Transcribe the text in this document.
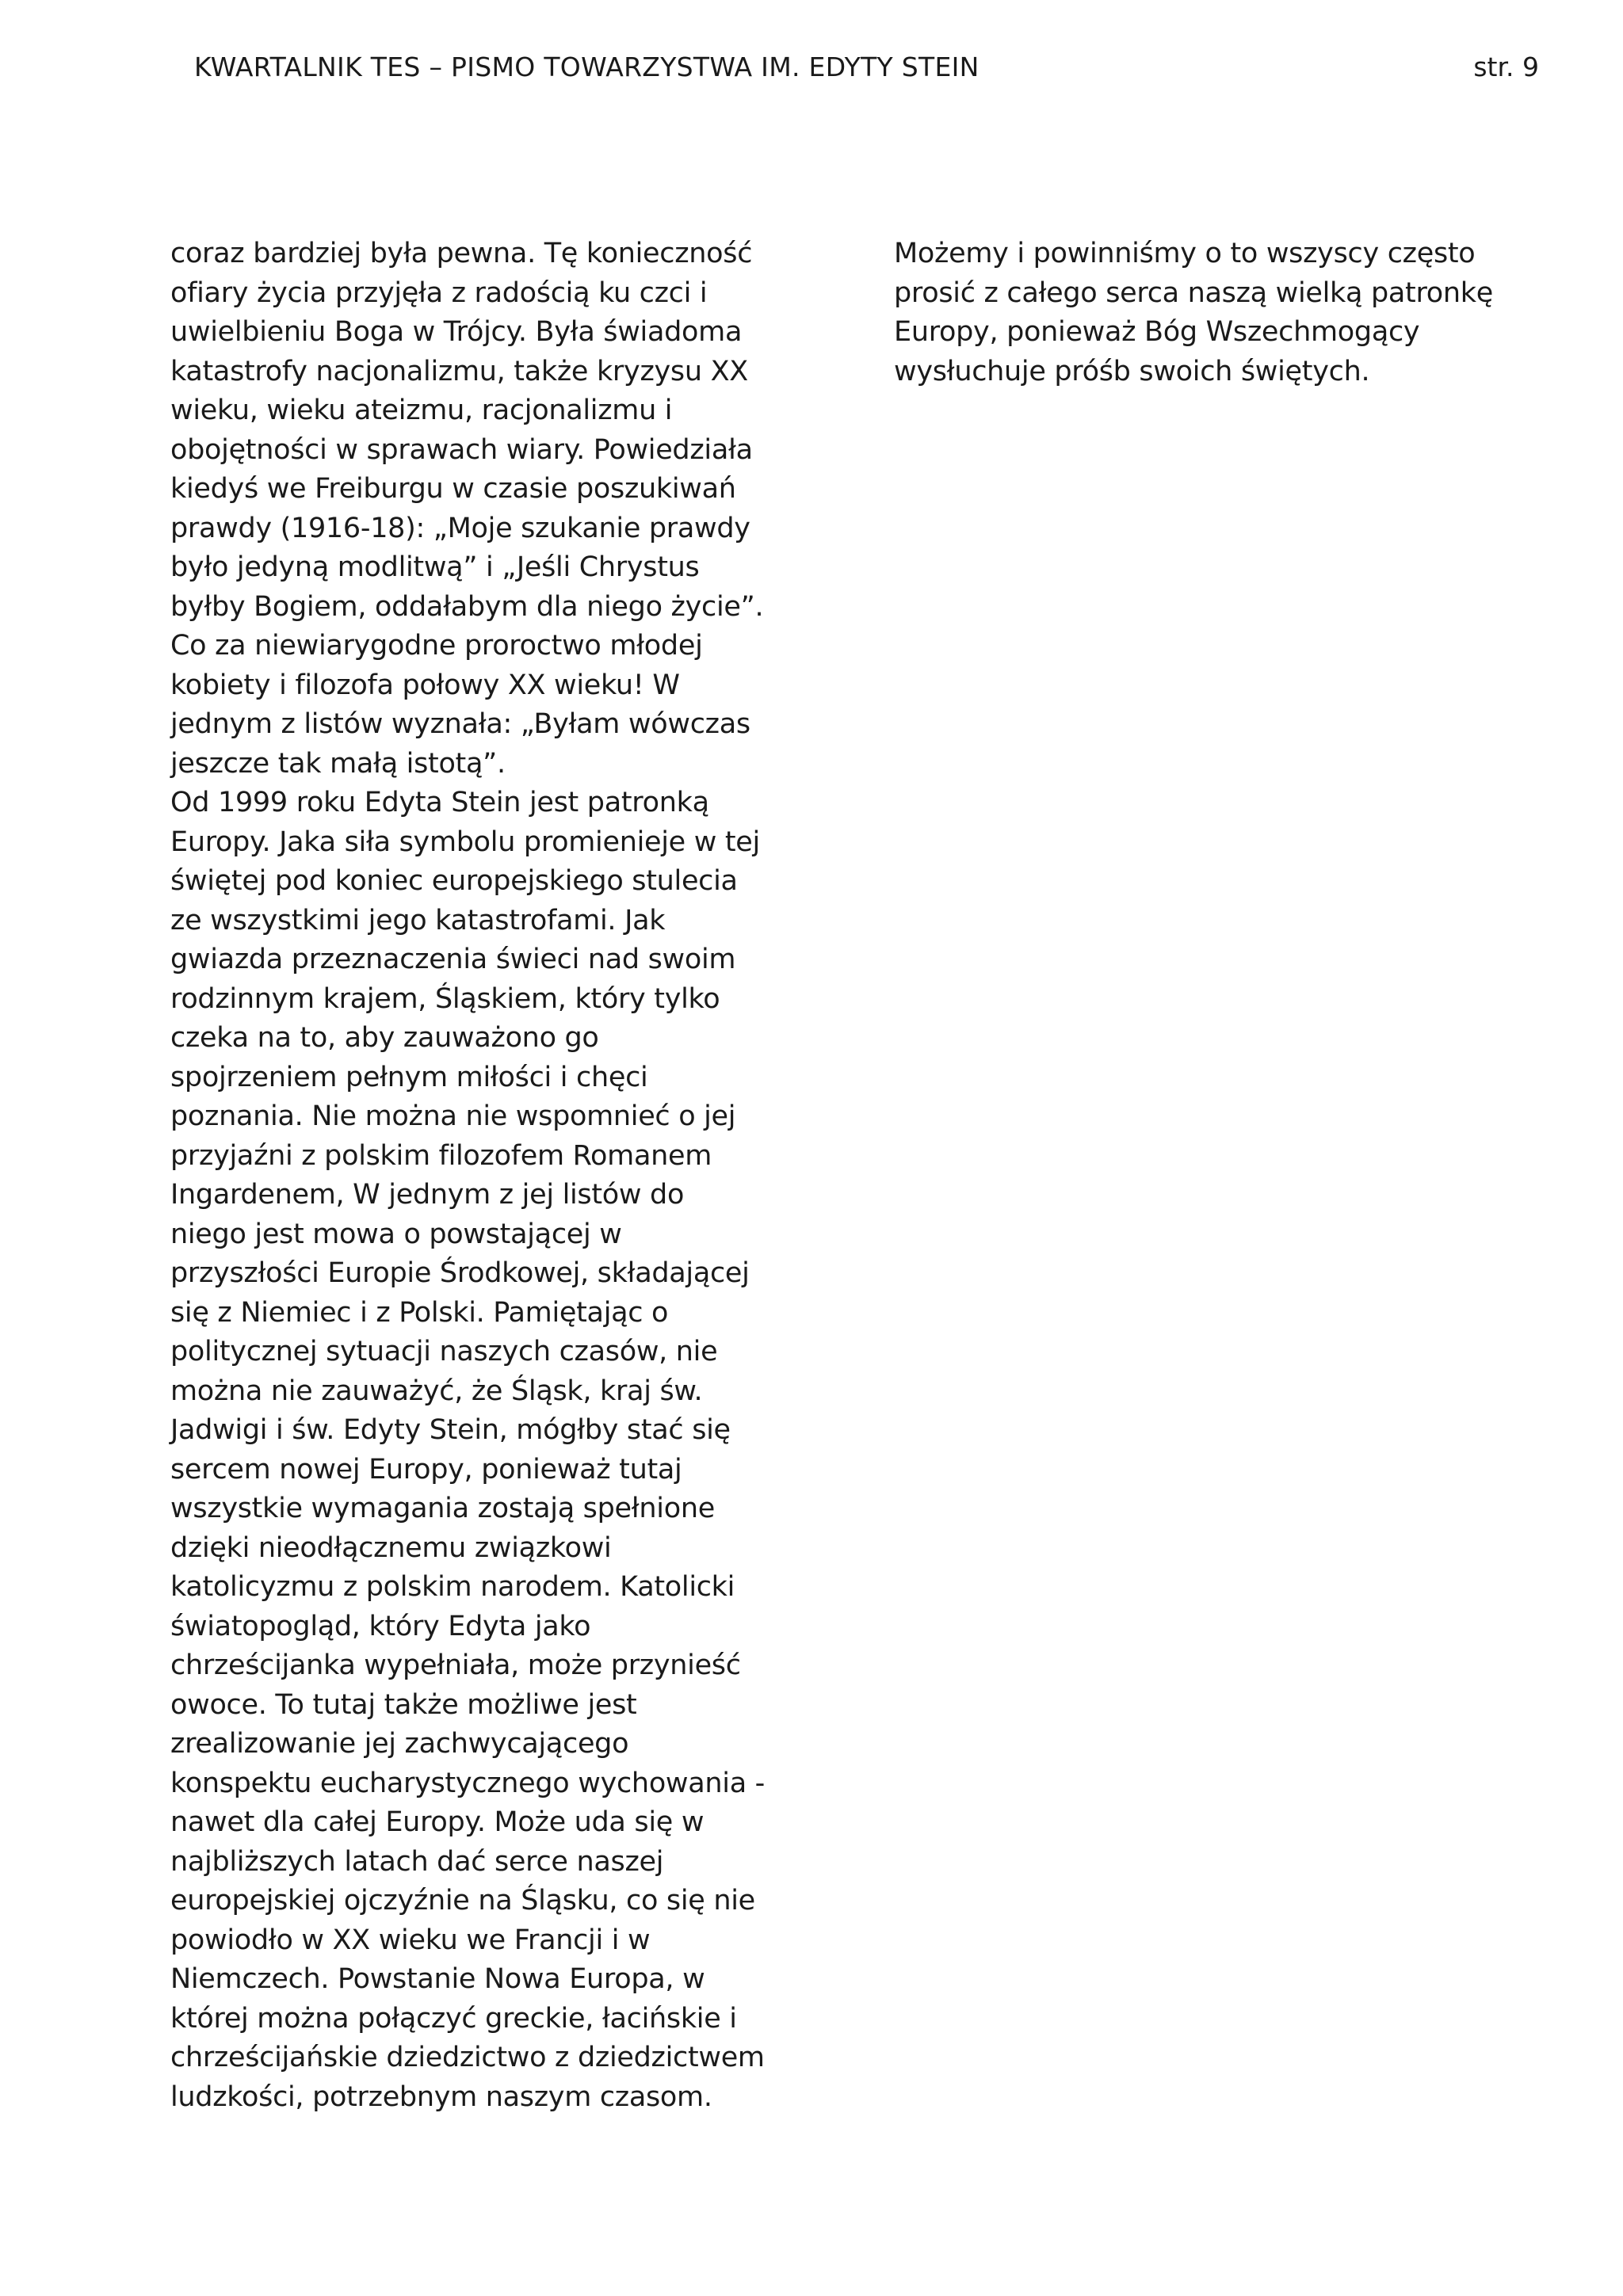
KWARTALNIK TES – PISMO TOWARZYSTWA IM. EDYTY STEIN	str. 9
coraz bardziej była pewna. Tę konieczność
ofiary życia przyjęła z radością ku czci i
uwielbieniu Boga w Trójcy. Była świadoma
katastrofy nacjonalizmu, także kryzysu XX
wieku, wieku ateizmu, racjonalizmu i
obojętności w sprawach wiary. Powiedziała
kiedyś we Freiburgu w czasie poszukiwań
prawdy (1916-18): „Moje szukanie prawdy
było jedyną modlitwą” i „Jeśli Chrystus
byłby Bogiem, oddałabym dla niego życie”.
Co za niewiarygodne proroctwo młodej
kobiety i filozofa połowy XX wieku! W
jednym z listów wyznała: „Byłam wówczas
jeszcze tak małą istotą”.
Od 1999 roku Edyta Stein jest patronką
Europy. Jaka siła symbolu promienieje w tej
świętej pod koniec europejskiego stulecia
ze wszystkimi jego katastrofami. Jak
gwiazda przeznaczenia świeci nad swoim
rodzinnym krajem, Śląskiem, który tylko
czeka na to, aby zauważono go
spojrzeniem pełnym miłości i chęci
poznania. Nie można nie wspomnieć o jej
przyjaźni z polskim filozofem Romanem
Ingardenem, W jednym z jej listów do
niego jest mowa o powstającej w
przyszłości Europie Środkowej, składającej
się z Niemiec i z Polski. Pamiętając o
politycznej sytuacji naszych czasów, nie
można nie zauważyć, że Śląsk, kraj św.
Jadwigi i św. Edyty Stein, mógłby stać się
sercem nowej Europy, ponieważ tutaj
wszystkie wymagania zostają spełnione
dzięki nieodłącznemu związkowi
katolicyzmu z polskim narodem. Katolicki
światopogląd, który Edyta jako
chrześcijanka wypełniała, może przynieść
owoce. To tutaj także możliwe jest
zrealizowanie jej zachwycającego
konspektu eucharystycznego wychowania -
nawet dla całej Europy. Może uda się w
najbliższych latach dać serce naszej
europejskiej ojczyźnie na Śląsku, co się nie
powiodło w XX wieku we Francji i w
Niemczech. Powstanie Nowa Europa, w
której można połączyć greckie, łacińskie i
chrześcijańskie dziedzictwo z dziedzictwem
ludzkości, potrzebnym naszym czasom.
Możemy i powinniśmy o to wszyscy często
prosić z całego serca naszą wielką patronkę
Europy, ponieważ Bóg Wszechmogący
wysłuchuje próśb swoich świętych.
